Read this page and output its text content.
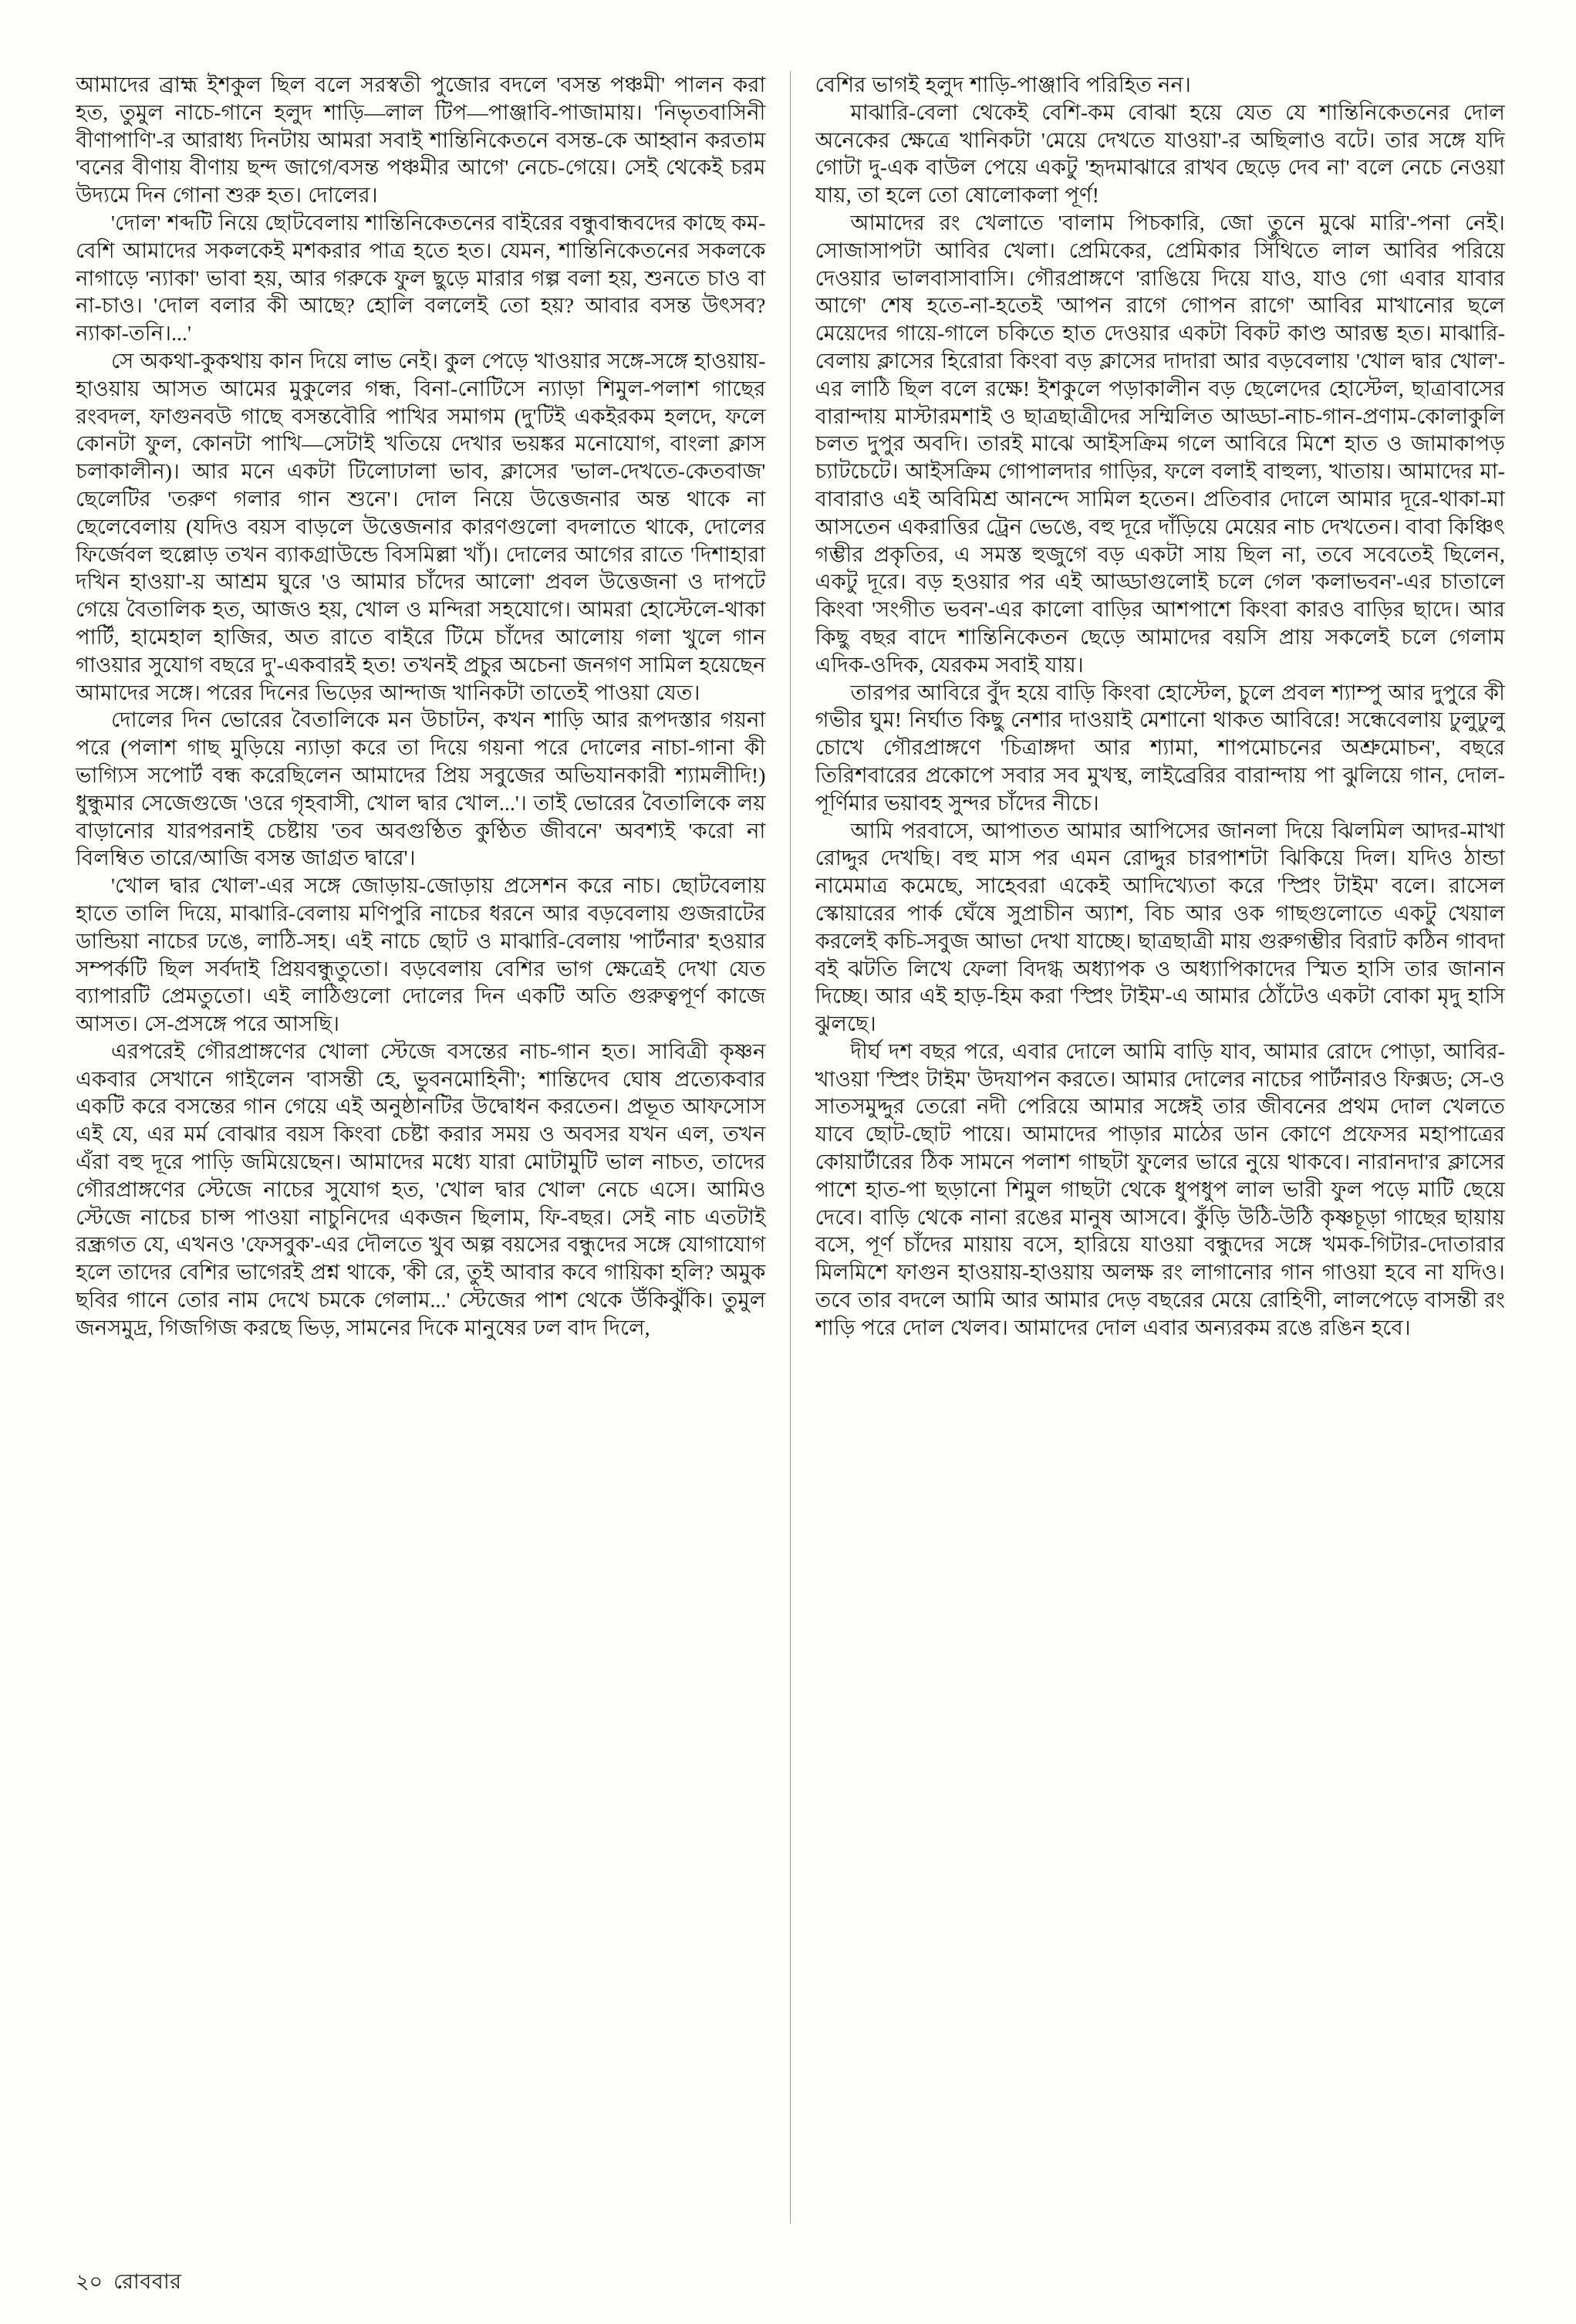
আমাদের ব্রাহ্ম ইশকুল ছিল বলে সরস্বতী পুজোর বদলে 'বসন্ত পঞ্চমী' পালন করা হত, তুমুল নাচে-গানে হলুদ শাড়ি—লাল টিপ—পাঞ্জাবি-পাজামায়। 'নিভৃতবাসিনী বীণাপাণি'-র আরাধ্য দিনটায় আমরা সবাই শান্তিনিকেতনে বসন্ত-কে আহ্বান করতাম 'বনের বীণায় বীণায় ছন্দ জাগে/বসন্ত পঞ্চমীর আগে' নেচে-গেয়ে। সেই থেকেই চরম উদ্যমে দিন গোনা শুরু হত। দোলের।

'দোল' শব্দটি নিয়ে ছোটবেলায় শান্তিনিকেতনের বাইরের বন্ধুবান্ধবদের কাছে কম-বেশি আমাদের সকলকেই মশকরার পাত্র হতে হত। যেমন, শান্তিনিকেতনের সকলকে নাগাড়ে 'ন্যাকা' ভাবা হয়, আর গরুকে ফুল ছুড়ে মারার গল্প বলা হয়, শুনতে চাও বা না-চাও। 'দোল বলার কী আছে? হোলি বললেই তো হয়? আবার বসন্ত উৎসব? ন্যাকা-তনি।...'

সে অকথা-কুকথায় কান দিয়ে লাভ নেই। কুল পেড়ে খাওয়ার সঙ্গে-সঙ্গে হাওয়ায়-হাওয়ায় আসত আমের মুকুলের গন্ধ, বিনা-নোটিসে ন্যাড়া শিমুল-পলাশ গাছের রংবদল, ফাগুনবউ গাছে বসন্তবৌরি পাখির সমাগম (দু'টিই একইরকম হলদে, ফলে কোনটা ফুল, কোনটা পাখি—সেটাই খতিয়ে দেখার ভয়ঙ্কর মনোযোগ, বাংলা ক্লাস চলাকালীন)। আর মনে একটা টিলোঢালা ভাব, ক্লাসের 'ভাল-দেখতে-কেতবাজ' ছেলেটির 'তরুণ গলার গান শুনে'। দোল নিয়ে উত্তেজনার অন্ত থাকে না ছেলেবেলায় (যদিও বয়স বাড়লে উত্তেজনার কারণগুলো বদলাতে থাকে, দোলের ফির্জেবল হুল্লোড় তখন ব্যাকগ্রাউন্ডে বিসমিল্লা খাঁ)। দোলের আগের রাতে 'দিশাহারা দখিন হাওয়া'-য় আশ্রম ঘুরে 'ও আমার চাঁদের আলো' প্রবল উত্তেজনা ও দাপটে গেয়ে বৈতালিক হত, আজও হয়, খোল ও মন্দিরা সহযোগে। আমরা হোস্টেলে-থাকা পার্টি, হামেহাল হাজির, অত রাতে বাইরে টিমে চাঁদের আলোয় গলা খুলে গান গাওয়ার সুযোগ বছরে দু'-একবারই হত! তখনই প্রচুর অচেনা জনগণ সামিল হয়েছেন আমাদের সঙ্গে। পরের দিনের ভিড়ের আন্দাজ খানিকটা তাতেই পাওয়া যেত।

দোলের দিন ভোরের বৈতালিকে মন উচাটন, কখন শাড়ি আর রূপদস্তার গয়না পরে (পলাশ গাছ মুড়িয়ে ন্যাড়া করে তা দিয়ে গয়না পরে দোলের নাচা-গানা কী ভাগ্যিস সপোর্ট বন্ধ করেছিলেন আমাদের প্রিয় সবুজের অভিযানকারী শ্যামলীদি!) ধুন্ধুমার সেজেগুজে 'ওরে গৃহবাসী, খোল দ্বার খোল...'। তাই ভোরের বৈতালিকে লয় বাড়ানোর যারপরনাই চেষ্টায় 'তব অবগুণ্ঠিত কুণ্ঠিত জীবনে' অবশ্যই 'করো না বিলম্বিত তারে/আজি বসন্ত জাগ্রত দ্বারে'।

'খোল দ্বার খোল'-এর সঙ্গে জোড়ায়-জোড়ায় প্রসেশন করে নাচ। ছোটবেলায় হাতে তালি দিয়ে, মাঝারি-বেলায় মণিপুরি নাচের ধরনে আর বড়বেলায় গুজরাটের ডান্ডিয়া নাচের ঢঙে, লাঠি-সহ। এই নাচে ছোট ও মাঝারি-বেলায় 'পার্টনার' হওয়ার সম্পর্কটি ছিল সর্বদাই প্রিয়বন্ধুতুতো। বড়বেলায় বেশির ভাগ ক্ষেত্রেই দেখা যেত ব্যাপারটি প্রেমতুতো। এই লাঠিগুলো দোলের দিন একটি অতি গুরুত্বপূর্ণ কাজে আসত। সে-প্রসঙ্গে পরে আসছি।

এরপরেই গৌরপ্রাঙ্গণের খোলা স্টেজে বসন্তের নাচ-গান হত। সাবিত্রী কৃষ্ণন একবার সেখানে গাইলেন 'বাসন্তী হে, ভুবনমোহিনী'; শান্তিদেব ঘোষ প্রত্যেকবার একটি করে বসন্তের গান গেয়ে এই অনুষ্ঠানটির উদ্বোধন করতেন। প্রভূত আফসোস এই যে, এর মর্ম বোঝার বয়স কিংবা চেষ্টা করার সময় ও অবসর যখন এল, তখন এঁরা বহু দূরে পাড়ি জমিয়েছেন। আমাদের মধ্যে যারা মোটামুটি ভাল নাচত, তাদের গৌরপ্রাঙ্গণের স্টেজে নাচের সুযোগ হত, 'খোল দ্বার খোল' নেচে এসে। আমিও স্টেজে নাচের চান্স পাওয়া নাচুনিদের একজন ছিলাম, ফি-বছর। সেই নাচ এতটাই রন্ধ্রগত যে, এখনও 'ফেসবুক'-এর দৌলতে খুব অল্প বয়সের বন্ধুদের সঙ্গে যোগাযোগ হলে তাদের বেশির ভাগেরই প্রশ্ন থাকে, 'কী রে, তুই আবার কবে গায়িকা হলি? অমুক ছবির গানে তোর নাম দেখে চমকে গেলাম...' স্টেজের পাশ থেকে উঁকিঝুঁকি। তুমুল জনসমুদ্র, গিজগিজ করছে ভিড়, সামনের দিকে মানুষের ঢল বাদ দিলে,

বেশির ভাগই হলুদ শাড়ি-পাঞ্জাবি পরিহিত নন।

মাঝারি-বেলা থেকেই বেশি-কম বোঝা হয়ে যেত যে শান্তিনিকেতনের দোল অনেকের ক্ষেত্রে খানিকটা 'মেয়ে দেখতে যাওয়া'-র অছিলাও বটে। তার সঙ্গে যদি গোটা দু-এক বাউল পেয়ে একটু 'হৃদমাঝারে রাখব ছেড়ে দেব না' বলে নেচে নেওয়া যায়, তা হলে তো ষোলোকলা পূর্ণ!

আমাদের রং খেলাতে 'বালাম পিচকারি, জো তুনে মুঝে মারি'-পনা নেই। সোজাসাপটা আবির খেলা। প্রেমিকের, প্রেমিকার সিঁথিতে লাল আবির পরিয়ে দেওয়ার ভালবাসাবাসি। গৌরপ্রাঙ্গণে 'রাঙিয়ে দিয়ে যাও, যাও গো এবার যাবার আগে' শেষ হতে-না-হতেই 'আপন রাগে গোপন রাগে' আবির মাখানোর ছলে মেয়েদের গায়ে-গালে চকিতে হাত দেওয়ার একটা বিকট কাণ্ড আরম্ভ হত। মাঝারি-বেলায় ক্লাসের হিরোরা কিংবা বড় ক্লাসের দাদারা আর বড়বেলায় 'খোল দ্বার খোল'-এর লাঠি ছিল বলে রক্ষে! ইশকুলে পড়াকালীন বড় ছেলেদের হোস্টেল, ছাত্রাবাসের বারান্দায় মাস্টারমশাই ও ছাত্রছাত্রীদের সম্মিলিত আড্ডা-নাচ-গান-প্রণাম-কোলাকুলি চলত দুপুর অবদি। তারই মাঝে আইসক্রিম গলে আবিরে মিশে হাত ও জামাকাপড় চ্যাটচেটে। আইসক্রিম গোপালদার গাড়ির, ফলে বলাই বাহুল্য, খাতায়। আমাদের মা-বাবারাও এই অবিমিশ্র আনন্দে সামিল হতেন। প্রতিবার দোলে আমার দূরে-থাকা-মা আসতেন একরাত্তির ট্রেন ভেঙে, বহু দূরে দাঁড়িয়ে মেয়ের নাচ দেখতেন। বাবা কিঞ্চিৎ গম্ভীর প্রকৃতির, এ সমস্ত হুজুগে বড় একটা সায় ছিল না, তবে সবেতেই ছিলেন, একটু দূরে। বড় হওয়ার পর এই আড্ডাগুলোই চলে গেল 'কলাভবন'-এর চাতালে কিংবা 'সংগীত ভবন'-এর কালো বাড়ির আশপাশে কিংবা কারও বাড়ির ছাদে। আর কিছু বছর বাদে শান্তিনিকেতন ছেড়ে আমাদের বয়সি প্রায় সকলেই চলে গেলাম এদিক-ওদিক, যেরকম সবাই যায়।

তারপর আবিরে বুঁদ হয়ে বাড়ি কিংবা হোস্টেল, চুলে প্রবল শ্যাম্পু আর দুপুরে কী গভীর ঘুম! নির্ঘাত কিছু নেশার দাওয়াই মেশানো থাকত আবিরে! সন্ধেবেলায় ঢুলুঢুলু চোখে গৌরপ্রাঙ্গণে 'চিত্রাঙ্গদা আর শ্যামা, শাপমোচনের অশ্রুমোচন', বছরে তিরিশবারের প্রকোপে সবার সব মুখস্থ, লাইব্রেরির বারান্দায় পা ঝুলিয়ে গান, দোল-পূর্ণিমার ভয়াবহ সুন্দর চাঁদের নীচে।

আমি পরবাসে, আপাতত আমার আপিসের জানলা দিয়ে ঝিলমিল আদর-মাখা রোদ্দুর দেখছি। বহু মাস পর এমন রোদ্দুর চারপাশটা ঝিকিয়ে দিল। যদিও ঠান্ডা নামেমাত্র কমেছে, সাহেবরা একেই আদিখ্যেতা করে 'স্প্রিং টাইম' বলে। রাসেল স্কোয়ারের পার্ক ঘেঁষে সুপ্রাচীন অ্যাশ, বিচ আর ওক গাছগুলোতে একটু খেয়াল করলেই কচি-সবুজ আভা দেখা যাচ্ছে। ছাত্রছাত্রী মায় গুরুগম্ভীর বিরাট কঠিন গাবদা বই ঝটতি লিখে ফেলা বিদগ্ধ অধ্যাপক ও অধ্যাপিকাদের স্মিত হাসি তার জানান দিচ্ছে। আর এই হাড়-হিম করা 'স্প্রিং টাইম'-এ আমার ঠোঁটেও একটা বোকা মৃদু হাসি ঝুলছে।

দীর্ঘ দশ বছর পরে, এবার দোলে আমি বাড়ি যাব, আমার রোদে পোড়া, আবির-খাওয়া 'স্প্রিং টাইম' উদযাপন করতে। আমার দোলের নাচের পার্টনারও ফিক্সড; সে-ও সাতসমুদ্দুর তেরো নদী পেরিয়ে আমার সঙ্গেই তার জীবনের প্রথম দোল খেলতে যাবে ছোট-ছোট পায়ে। আমাদের পাড়ার মাঠের ডান কোণে প্রফেসর মহাপাত্রের কোয়ার্টারের ঠিক সামনে পলাশ গাছটা ফুলের ভারে নুয়ে থাকবে। নারানদা'র ক্লাসের পাশে হাত-পা ছড়ানো শিমুল গাছটা থেকে ধুপধুপ লাল ভারী ফুল পড়ে মাটি ছেয়ে দেবে। বাড়ি থেকে নানা রঙের মানুষ আসবে। কুঁড়ি উঠি-উঠি কৃষ্ণচূড়া গাছের ছায়ায় বসে, পূর্ণ চাঁদের মায়ায় বসে, হারিয়ে যাওয়া বন্ধুদের সঙ্গে খমক-গিটার-দোতারার মিলমিশে ফাগুন হাওয়ায়-হাওয়ায় অলক্ষ রং লাগানোর গান গাওয়া হবে না যদিও। তবে তার বদলে আমি আর আমার দেড় বছরের মেয়ে রোহিণী, লালপেড়ে বাসন্তী রং শাড়ি পরে দোল খেলব। আমাদের দোল এবার অন্যরকম রঙে রঙিন হবে।

২০ রোববার
